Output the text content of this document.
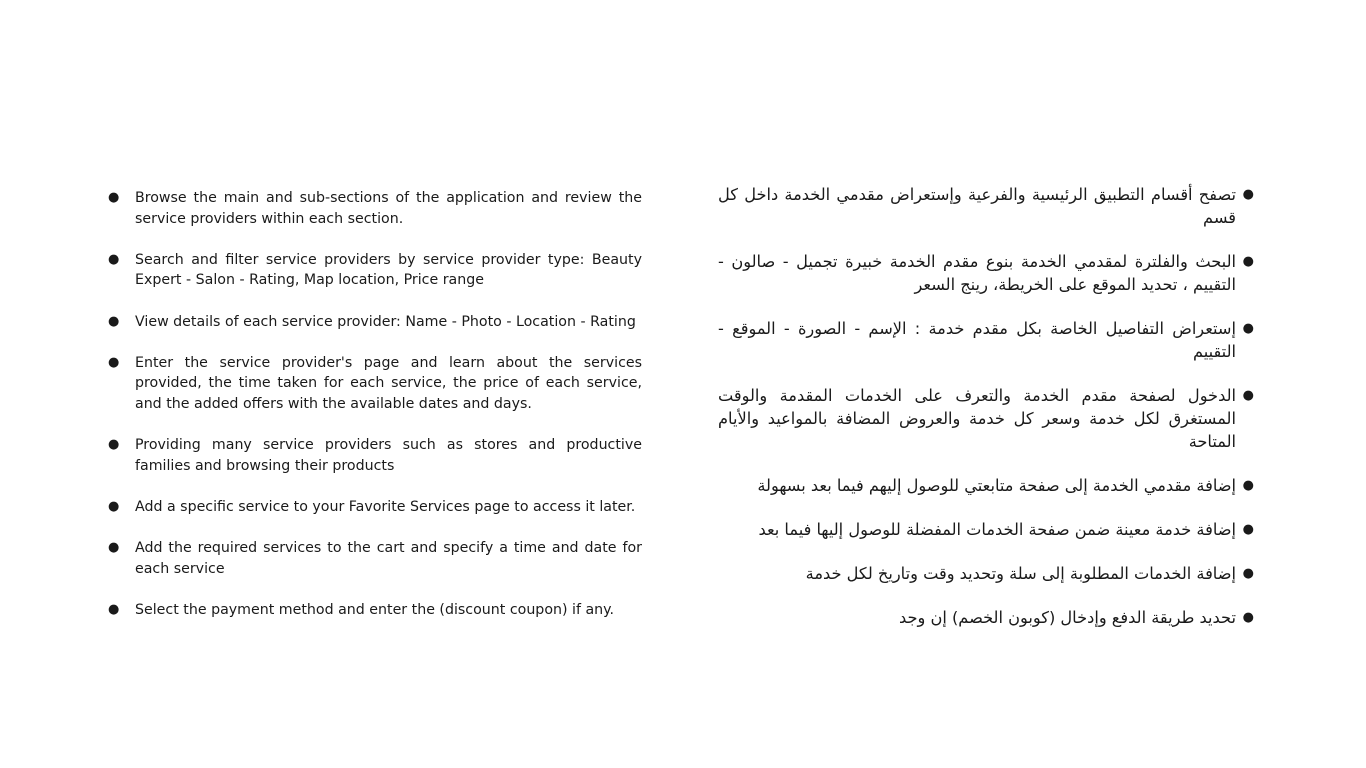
● Browse the main and sub-sections of the application and review the service providers within each section.
● Search and filter service providers by service provider type: Beauty Expert - Salon - Rating, Map location, Price range
● View details of each service provider: Name - Photo - Location - Rating
● Enter the service provider's page and learn about the services provided, the time taken for each service, the price of each service, and the added offers with the available dates and days.
● Providing many service providers such as stores and productive families and browsing their products
● Add a specific service to your Favorite Services page to access it later.
● Add the required services to the cart and specify a time and date for each service
● Select the payment method and enter the (discount coupon) if any.
●
تصفح أقسام التطبيق الرئيسية والفرعية وإستعراض مقدمي الخدمة داخل كل قسم
●
البحث والفلترة لمقدمي الخدمة بنوع مقدم الخدمة خبيرة تجميل - صالون - التقييم ، تحديد الموقع على الخريطة، رينج السعر
●
إستعراض التفاصيل الخاصة بكل مقدم خدمة : الإسم - الصورة - الموقع - التقييم
●
الدخول لصفحة مقدم الخدمة والتعرف على الخدمات المقدمة والوقت المستغرق لكل خدمة وسعر كل خدمة والعروض المضافة بالمواعيد والأيام المتاحة
●
إضافة مقدمي الخدمة إلى صفحة متابعتي للوصول إليهم فيما بعد بسهولة
●
إضافة خدمة معينة ضمن صفحة الخدمات المفضلة للوصول إليها فيما بعد
●
إضافة الخدمات المطلوبة إلى سلة وتحديد وقت وتاريخ لكل خدمة
●
تحديد طريقة الدفع وإدخال (كوبون الخصم) إن وجد
